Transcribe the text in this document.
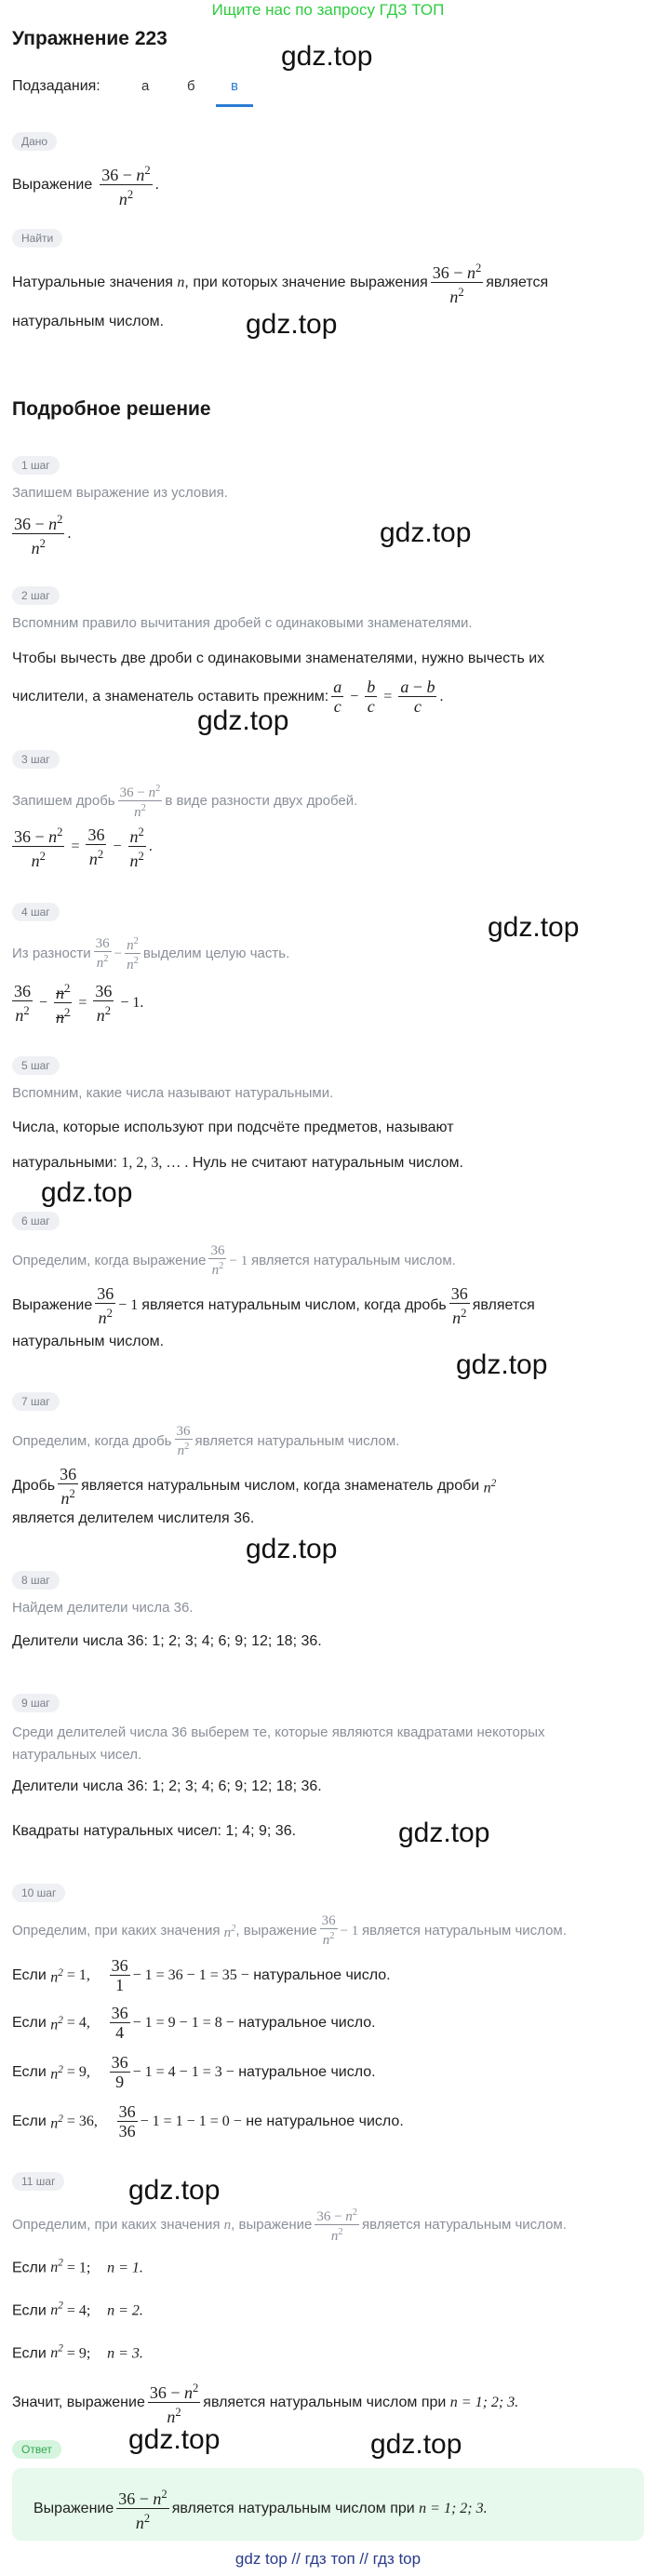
Ищите нас по запросу ГДЗ ТОП
Упражнение 223
Подзадания:	а	б	в
gdz.top
gdz.top
gdz.top
gdz.top
gdz.top
gdz.top
gdz.top
gdz.top
gdz.top
gdz.top
gdz.top	gdz.top
Дано
Выражение $\frac{36 - n^2}{n^2}$ .
Найти
Натуральные значения
n , при которых значение выражения $\frac{36 - n^2}{n^2}$ является
натуральным числом.
Подробное решение
1 шаг
Запишем выражение из условия.
$\frac{36 - n^2}{n^2}$ .
2 шаг
Вспомним правило вычитания дробей с одинаковыми знаменателями.
Чтобы вычесть две дроби с одинаковыми знаменателями, нужно вычесть их
числители, а знаменатель оставить прежним: $\frac{a}{c} - \frac{b}{c} = \frac{a - b}{c}$ .
3 шаг
Запишем дробь $\frac{36 - n^2}{n^2}$ в виде разности двух дробей.
$\frac{36 - n^2}{n^2} = \frac{36}{n^2} - \frac{n^2}{n^2}$ .
4 шаг
Из разности $\frac{36}{n^2} - \frac{n^2}{n^2}$ выделим целую часть.
$\frac{36}{n^2} - \frac{n^2}{n^2} = \frac{36}{n^2} - 1$.
5 шаг
Вспомним, какие числа называют натуральными.
Числа, которые используют при подсчёте предметов, называют
натуральными: 1, 2, 3, … . Нуль не считают натуральным числом.
6 шаг
Определим, когда выражение $\frac{36}{n^2} - 1$ является натуральным числом.
Выражение $\frac{36}{n^2} - 1$ является натуральным числом, когда дробь $\frac{36}{n^2}$ является
натуральным числом.
7 шаг
Определим, когда дробь $\frac{36}{n^2}$ является натуральным числом.
Дробь $\frac{36}{n^2}$ является натуральным числом, когда знаменатель дроби
$n^2$
является делителем числителя 36.
8 шаг
Найдем делители числа 36.
Делители числа 36: 1; 2; 3; 4; 6; 9; 12; 18; 36.
9 шаг
Среди делителей числа 36 выберем те, которые являются квадратами некоторых
натуральных чисел.
Делители числа 36: 1; 2; 3; 4; 6; 9; 12; 18; 36.
Квадраты натуральных чисел: 1; 4; 9; 36.
10 шаг
Определим, при каких значения
$n^2$ , выражение $\frac{36}{n^2} - 1$ является натуральным числом.
Если
$n^2 = 1$,
$\frac{36}{1} - 1 = 36 - 1 = 35$ −
натуральное число.
Если
$n^2 = 4$,
$\frac{36}{4} - 1 = 9 - 1 = 8$ −
натуральное число.
Если
$n^2 = 9$,
$\frac{36}{9} - 1 = 4 - 1 = 3$ −
натуральное число.
Если
$n^2 = 36$,
$\frac{36}{36} - 1 = 1 - 1 = 0$ −
не натуральное число.
11 шаг
Определим, при каких значения
n , выражение $\frac{36 - n^2}{n^2}$ является натуральным числом.
Если $n^2 = 1$; n = 1.
Если $n^2 = 4$; n = 2.
Если $n^2 = 9$; n = 3.
Значит, выражение $\frac{36 - n^2}{n^2}$ является натуральным числом при
n = 1; 2; 3.
Ответ
Выражение $\frac{36 - n^2}{n^2}$ является натуральным числом при
n = 1; 2; 3.
gdz top // гдз топ // гдз top
